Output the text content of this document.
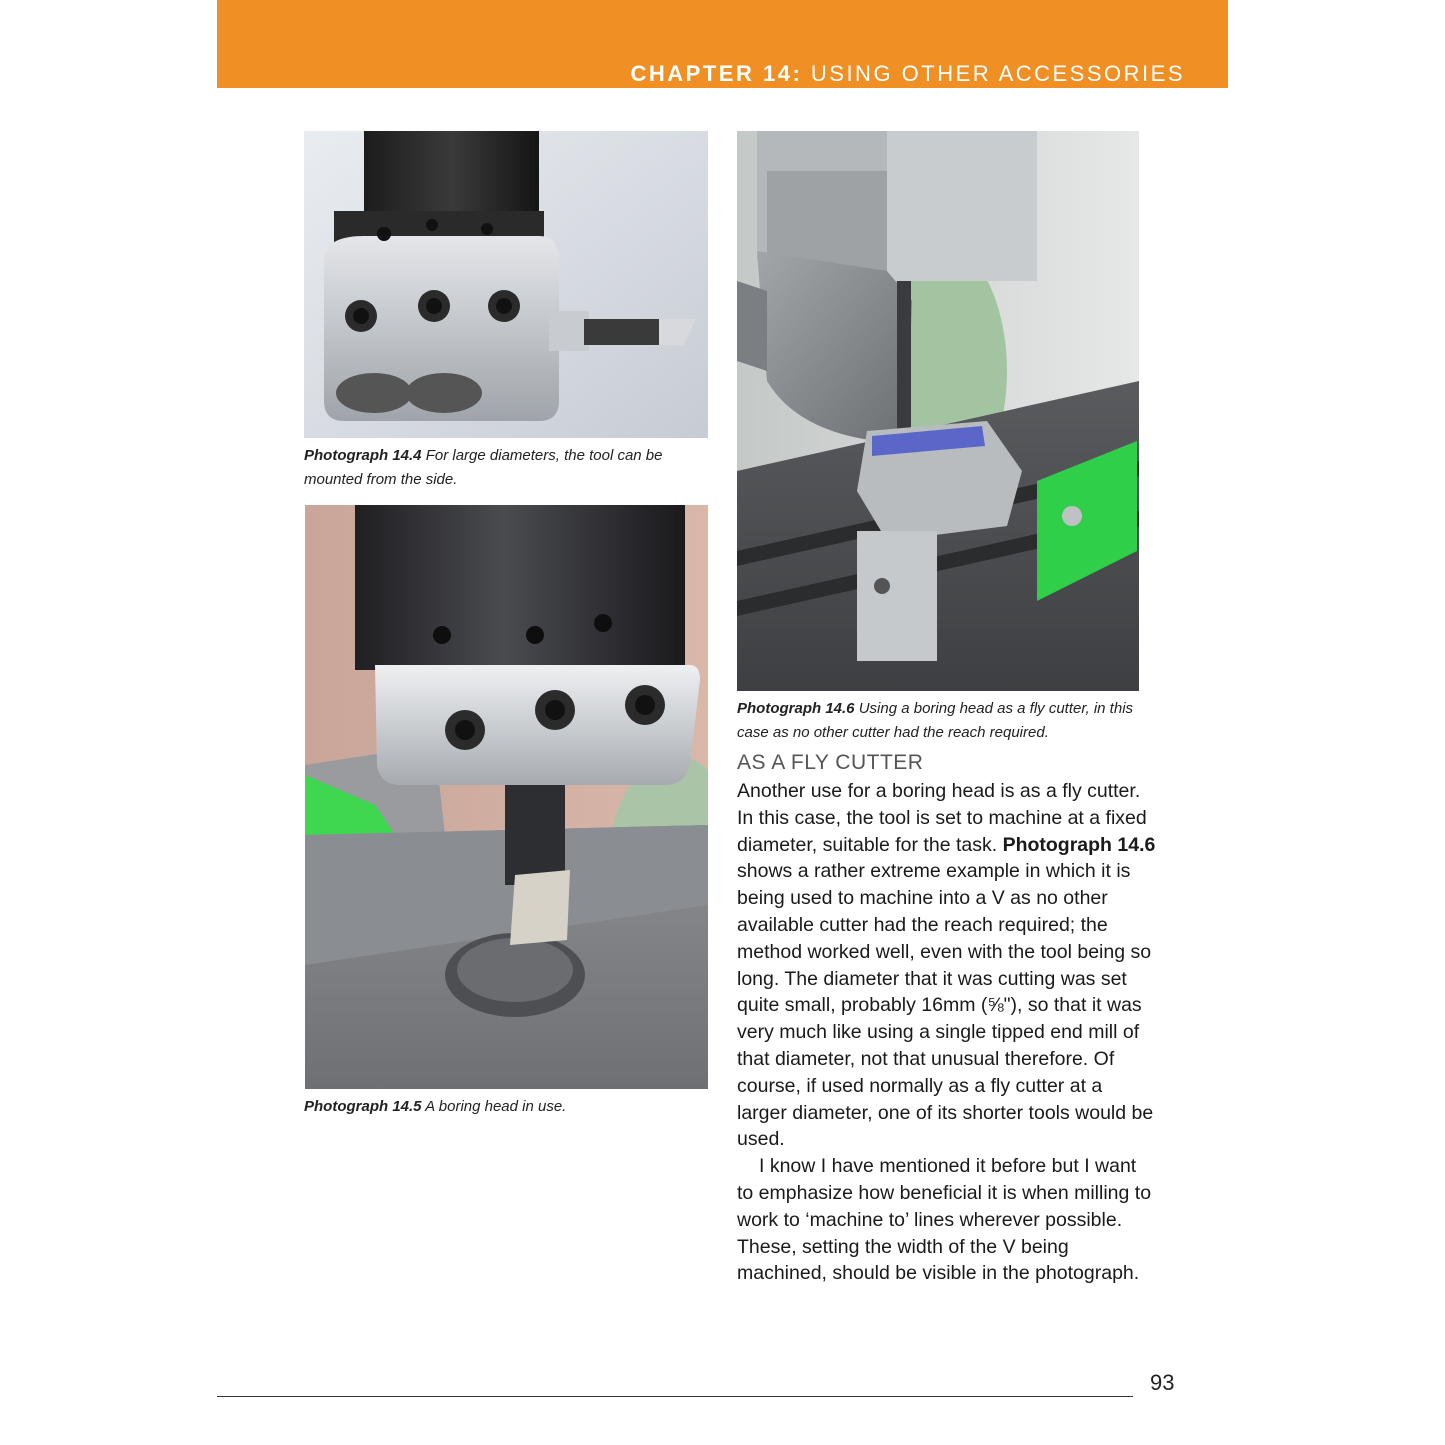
CHAPTER 14: USING OTHER ACCESSORIES
Photograph 14.4 For large diameters, the tool can be mounted from the side.
Photograph 14.5 A boring head in use.
Photograph 14.6 Using a boring head as a fly cutter, in this case as no other cutter had the reach required.
AS A FLY CUTTER

Another use for a boring head is as a fly cutter. In this case, the tool is set to machine at a fixed diameter, suitable for the task. Photograph 14.6 shows a rather extreme example in which it is being used to machine into a V as no other available cutter had the reach required; the method worked well, even with the tool being so long. The diameter that it was cutting was set quite small, probably 16mm (⅝"), so that it was very much like using a single tipped end mill of that diameter, not that unusual therefore. Of course, if used normally as a fly cutter at a larger diameter, one of its shorter tools would be used.

I know I have mentioned it before but I want to emphasize how beneficial it is when milling to work to ‘machine to’ lines wherever possible. These, setting the width of the V being machined, should be visible in the photograph.

93
